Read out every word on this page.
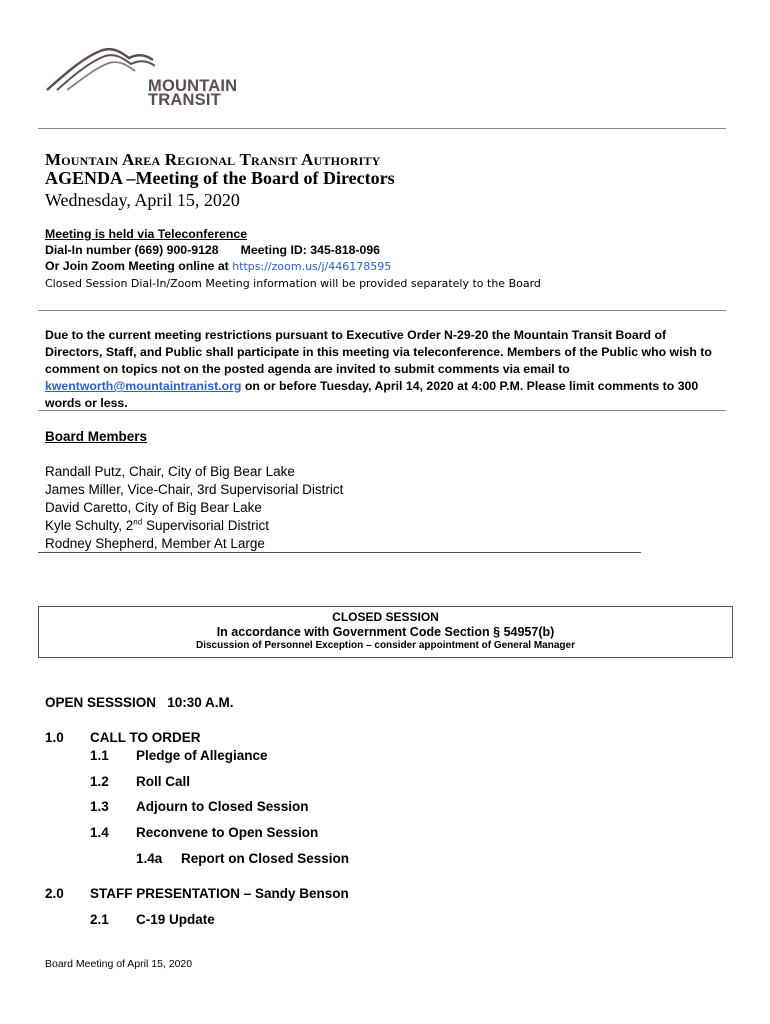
MOUNTAIN
TRANSIT
Mountain Area Regional Transit Authority
AGENDA –Meeting of the Board of Directors
Wednesday, April 15, 2020
Meeting is held via Teleconference
Dial-In number (669) 900-9128 Meeting ID: 345-818-096
Or Join Zoom Meeting online at https://zoom.us/j/446178595
Closed Session Dial-In/Zoom Meeting information will be provided separately to the Board
Due to the current meeting restrictions pursuant to Executive Order N-29-20 the Mountain Transit Board of Directors, Staff, and Public shall participate in this meeting via teleconference. Members of the Public who wish to comment on topics not on the posted agenda are invited to submit comments via email to kwentworth@mountaintranist.org on or before Tuesday, April 14, 2020 at 4:00 P.M. Please limit comments to 300 words or less.
Board Members
Randall Putz, Chair, City of Big Bear Lake
James Miller, Vice-Chair, 3rd Supervisorial District
David Caretto, City of Big Bear Lake
Kyle Schulty, 2nd Supervisorial District
Rodney Shepherd, Member At Large
CLOSED SESSION
In accordance with Government Code Section § 54957(b)
Discussion of Personnel Exception – consider appointment of General Manager
OPEN SESSSION   10:30 A.M.
1.0 CALL TO ORDER
1.1 Pledge of Allegiance
1.2 Roll Call
1.3 Adjourn to Closed Session
1.4 Reconvene to Open Session
1.4a Report on Closed Session
2.0 STAFF PRESENTATION – Sandy Benson
2.1 C-19 Update
Board Meeting of April 15, 2020
